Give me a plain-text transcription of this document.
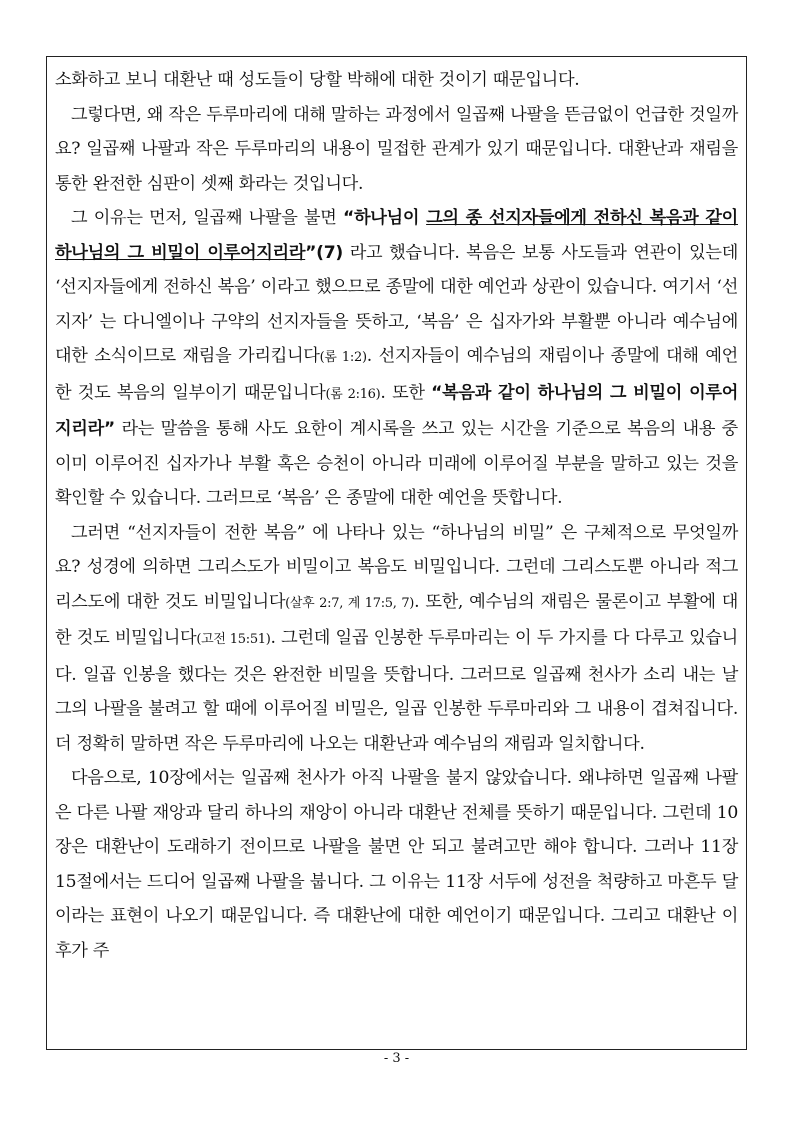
소화하고 보니 대환난 때 성도들이 당할 박해에 대한 것이기 때문입니다.

그렇다면, 왜 작은 두루마리에 대해 말하는 과정에서 일곱째 나팔을 뜬금없이 언급한 것일까요? 일곱째 나팔과 작은 두루마리의 내용이 밀접한 관계가 있기 때문입니다. 대환난과 재림을 통한 완전한 심판이 셋째 화라는 것입니다.

그 이유는 먼저, 일곱째 나팔을 불면 “하나님이 그의 종 선지자들에게 전하신 복음과 같이 하나님의 그 비밀이 이루어지리라”(7) 라고 했습니다. 복음은 보통 사도들과 연관이 있는데 ‘선지자들에게 전하신 복음’ 이라고 했으므로 종말에 대한 예언과 상관이 있습니다. 여기서 ‘선지자’ 는 다니엘이나 구약의 선지자들을 뜻하고, ‘복음’ 은 십자가와 부활뿐 아니라 예수님에 대한 소식이므로 재림을 가리킵니다(롬 1:2). 선지자들이 예수님의 재림이나 종말에 대해 예언한 것도 복음의 일부이기 때문입니다(롬 2:16). 또한 “복음과 같이 하나님의 그 비밀이 이루어지리라” 라는 말씀을 통해 사도 요한이 계시록을 쓰고 있는 시간을 기준으로 복음의 내용 중 이미 이루어진 십자가나 부활 혹은 승천이 아니라 미래에 이루어질 부분을 말하고 있는 것을 확인할 수 있습니다. 그러므로 ‘복음’ 은 종말에 대한 예언을 뜻합니다.

그러면 “선지자들이 전한 복음” 에 나타나 있는 “하나님의 비밀” 은 구체적으로 무엇일까요? 성경에 의하면 그리스도가 비밀이고 복음도 비밀입니다. 그런데 그리스도뿐 아니라 적그리스도에 대한 것도 비밀입니다(살후 2:7, 계 17:5, 7). 또한, 예수님의 재림은 물론이고 부활에 대한 것도 비밀입니다(고전 15:51). 그런데 일곱 인봉한 두루마리는 이 두 가지를 다 다루고 있습니다. 일곱 인봉을 했다는 것은 완전한 비밀을 뜻합니다. 그러므로 일곱째 천사가 소리 내는 날 그의 나팔을 불려고 할 때에 이루어질 비밀은, 일곱 인봉한 두루마리와 그 내용이 겹쳐집니다. 더 정확히 말하면 작은 두루마리에 나오는 대환난과 예수님의 재림과 일치합니다.

다음으로, 10장에서는 일곱째 천사가 아직 나팔을 불지 않았습니다. 왜냐하면 일곱째 나팔은 다른 나팔 재앙과 달리 하나의 재앙이 아니라 대환난 전체를 뜻하기 때문입니다. 그런데 10장은 대환난이 도래하기 전이므로 나팔을 불면 안 되고 불려고만 해야 합니다. 그러나 11장 15절에서는 드디어 일곱째 나팔을 붑니다. 그 이유는 11장 서두에 성전을 척량하고 마흔두 달이라는 표현이 나오기 때문입니다. 즉 대환난에 대한 예언이기 때문입니다. 그리고 대환난 이후가 주

- 3 -
